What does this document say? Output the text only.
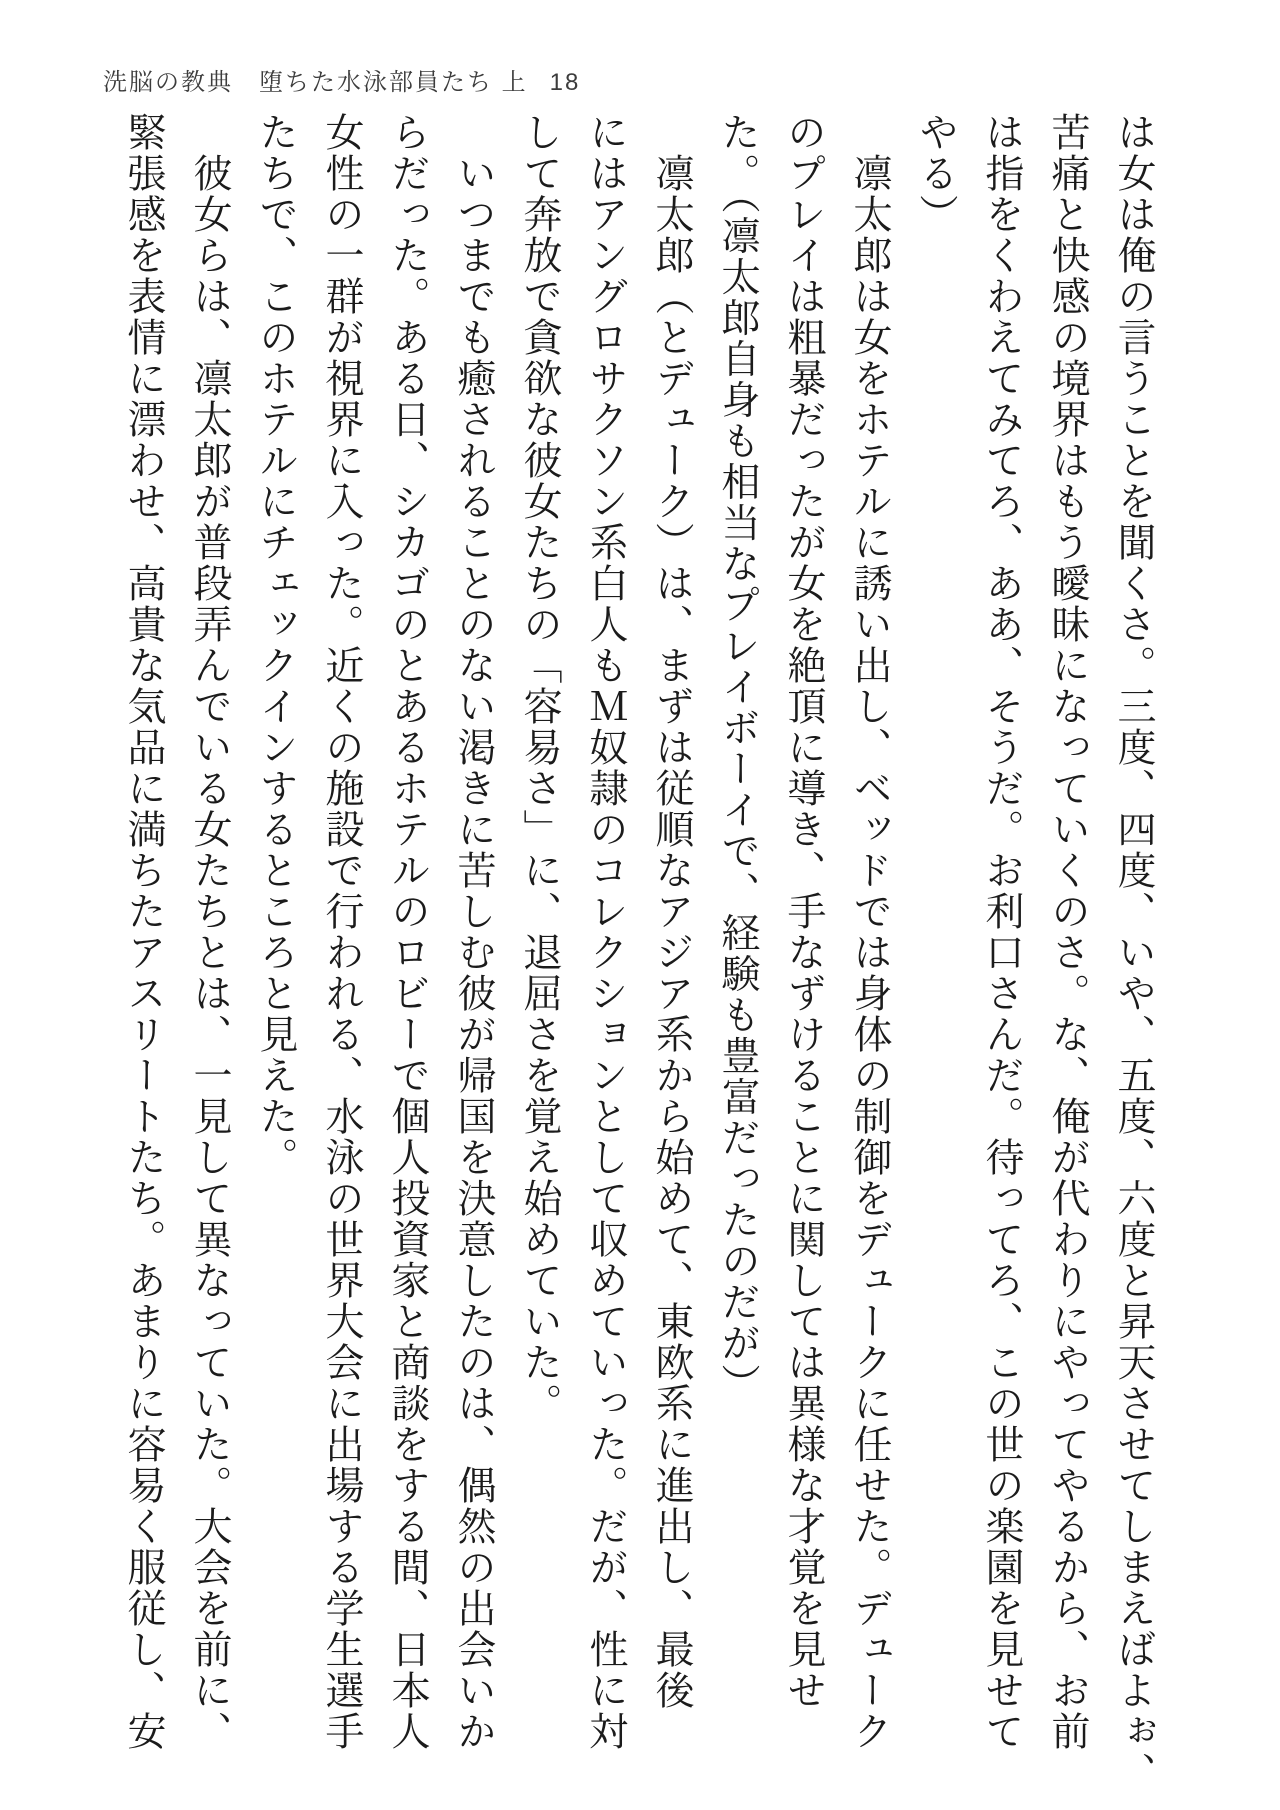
洗脳の教典　堕ちた水泳部員たち 上 18

は女は俺の言うことを聞くさ。三度、四度、いや、五度、六度と昇天させてしまえばよぉ、

苦痛と快感の境界はもう曖昧になっていくのさ。な、俺が代わりにやってやるから、お前

は指をくわえてみてろ、ああ、そうだ。お利口さんだ。待ってろ、この世の楽園を見せて

やる）

凛太郎は女をホテルに誘い出し、ベッドでは身体の制御をデュークに任せた。デューク

のプレイは粗暴だったが女を絶頂に導き、手なずけることに関しては異様な才覚を見せ

た。（凛太郎自身も相当なプレイボーイで、経験も豊富だったのだが）

凛太郎（とデューク）は、まずは従順なアジア系から始めて、東欧系に進出し、最後

にはアングロサクソン系白人もＭ奴隷のコレクションとして収めていった。だが、性に対

して奔放で貪欲な彼女たちの「容易さ」に、退屈さを覚え始めていた。

いつまでも癒されることのない渇きに苦しむ彼が帰国を決意したのは、偶然の出会いか

らだった。ある日、シカゴのとあるホテルのロビーで個人投資家と商談をする間、日本人

女性の一群が視界に入った。近くの施設で行われる、水泳の世界大会に出場する学生選手

たちで、このホテルにチェックインするところと見えた。

彼女らは、凛太郎が普段弄んでいる女たちとは、一見して異なっていた。大会を前に、

緊張感を表情に漂わせ、高貴な気品に満ちたアスリートたち。あまりに容易く服従し、安
